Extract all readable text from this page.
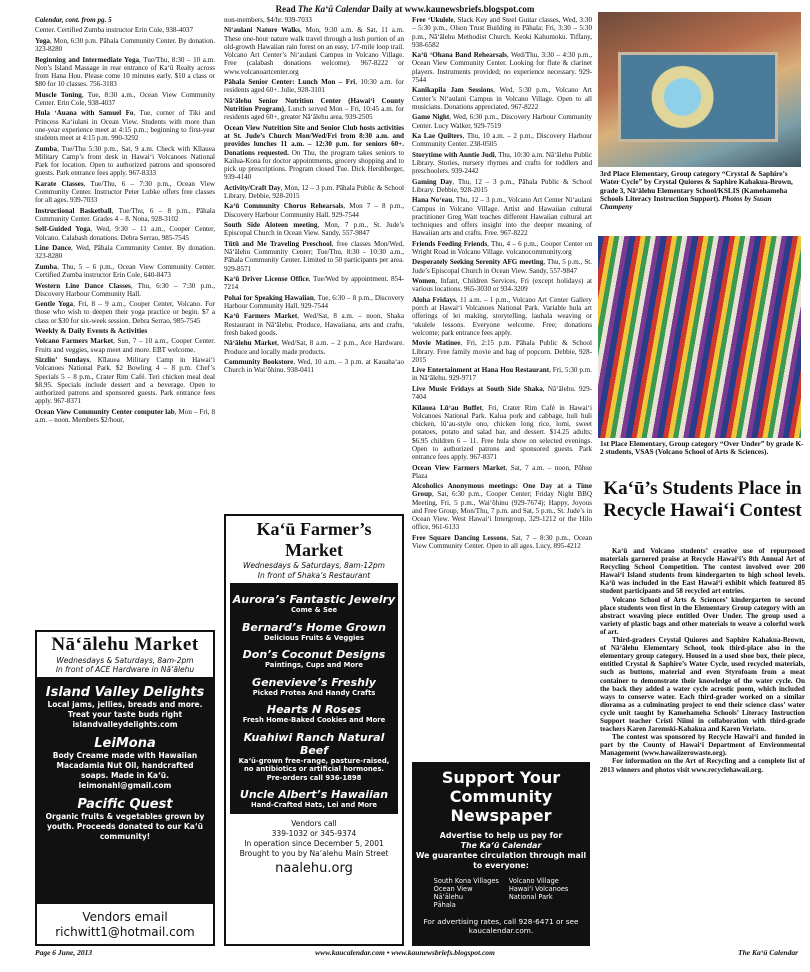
Read The Ka‘ū Calendar Daily at www.kaunewsbriefs.blogspot.com

Calendar, cont. from pg. 5

Center. Certified Zumba instructor Erin Cole, 938-4037

Yoga, Mon, 6:30 p.m. Pāhala Community Center. By donation. 323-8280

Beginning and Intermediate Yoga, Tue/Thu, 8:30 – 10 a.m. Non’s Island Massage in rear entrance of Ka‘ū Realty across from Hana Hou. Please come 10 minutes early. $10 a class or $80 for 10 classes. 756-3183

Muscle Toning, Tue, 8:30 a.m., Ocean View Community Center. Erin Cole, 938-4037

Hula ‘Auana with Samuel Fo, Tue, corner of Tiki and Princess Ka‘iulani in Ocean View. Students with more than one-year experience meet at 4:15 p.m.; beginning to first-year students meet at 4:15 p.m. 990-3292

Zumba, Tue/Thu 5:30 p.m., Sat, 9 a.m. Check with Kīlauea Military Camp’s front desk in Hawai‘i Volcanoes National Park for location. Open to authorized patrons and sponsored guests. Park entrance fees apply. 967-8333

Karate Classes, Tue/Thu, 6 – 7:30 p.m., Ocean View Community Center. Instructor Peter Lubke offers free classes for all ages. 939-7033

Instructional Basketball, Tue/Thu, 6 – 8 p.m., Pāhala Community Center. Grades 4 – 8. Nona, 928-3102

Self-Guided Yoga, Wed, 9:30 – 11 a.m., Cooper Center, Volcano. Calabash donations. Debra Serrao, 985-7545

Line Dance, Wed, Pāhala Community Center. By donation. 323-8280

Zumba, Thu, 5 – 6 p.m., Ocean View Community Center. Certified Zumba instructor Erin Cole, 640-8473

Western Line Dance Classes, Thu, 6:30 – 7:30 p.m., Discovery Harbour Community Hall.

Gentle Yoga, Fri, 8 – 9 a.m., Cooper Center, Volcano. For those who wish to deepen their yoga practice or begin. $7 a class or $30 for six-week session. Debra Serrao, 985-7545

Weekly & Daily Events & Activities

Volcano Farmers Market, Sun, 7 – 10 a.m., Cooper Center. Fruits and veggies, swap meet and more. EBT welcome.

Sizzlin’ Sundays, Kīlauea Military Camp in Hawai‘i Volcanoes National Park. $2 Bowling 4 – 8 p.m. Chef’s Specials 5 – 8 p.m., Crater Rim Café. Teri chicken meal deal $8.95. Specials include dessert and a beverage. Open to authorized patrons and sponsored guests. Park entrance fees apply. 967-8371

Ocean View Community Center computer lab, Mon – Fri, 8 a.m. – noon. Members $2/hour,

non-members, $4/hr. 939-7033

Ni‘aulani Nature Walks, Mon, 9:30 a.m. & Sat, 11 a.m. These one-hour nature walk travel through a lush portion of an old-growth Hawaiian rain forest on an easy, 1/7-mile loop trail. Volcano Art Center’s Ni‘aulani Campus in Volcano Village. Free (calabash donations welcome). 967-8222 or www.volcanoartcenter.org

Pāhala Senior Center: Lunch Mon – Fri, 10:30 a.m. for residents aged 60+. Julie, 928-3101

Nā‘ālehu Senior Nutrition Center (Hawai‘i County Nutrition Program), Lunch served Mon – Fri, 10:45 a.m. for residents aged 60+, greater Nā‘ālehu area. 939-2505

Ocean View Nutrition Site and Senior Club hosts activities at St. Jude’s Church Mon/Wed/Fri from 8:30 a.m. and provides lunches 11 a.m. – 12:30 p.m. for seniors 60+. Donations requested. On Thu, the program takes seniors to Kailua-Kona for doctor appointments, grocery shopping and to pick up prescriptions. Program closed Tue. Dick Hershberger, 939-4140

Activity/Craft Day, Mon, 12 – 3 p.m. Pāhala Public & School Library. Debbie, 928-2015

Ka‘ū Community Chorus Rehearsals, Mon 7 – 8 p.m., Discovery Harbour Community Hall. 929-7544

South Side Aloteen meeting, Mon, 7 p.m., St. Jude’s Episcopal Church in Ocean View. Sandy, 557-9847

Tūtū and Me Traveling Preschool, free classes Mon/Wed, Nā‘ālehu Community Center; Tue/Thu, 8:30 - 10:30 a.m., Pāhala Community Center. Limited to 50 participants per area. 929-8571

Ka‘ū Driver License Office, Tue/Wed by appointment. 854-7214

Pohai for Speaking Hawaiian, Tue, 6:30 – 8 p.m., Discovery Harbour Community Hall. 929-7544

Ka‘ū Farmers Market, Wed/Sat, 8 a.m. – noon, Shaka Restaurant in Nā‘ālehu. Produce, Hawaiiana, arts and crafts, fresh baked goods.

Nā‘ālehu Market, Wed/Sat, 8 a.m. – 2 p.m., Ace Hardware. Produce and locally made products.

Community Bookstore, Wed, 10 a.m. – 3 p.m. at Kauaha‘ao Church in Wai‘ōhinu. 938-0411

Free ‘Ukulele, Slack Key and Steel Guitar classes, Wed, 3:30 – 5:30 p.m., Olson Trust Building in Pāhala; Fri, 3:30 – 5:30 p.m., Nā‘ālehu Methodist Church. Keoki Kahumoku. Tiffany, 938-6582

Ka‘ū ‘Ohana Band Rehearsals, Wed/Thu, 3:30 – 4:30 p.m., Ocean View Community Center. Looking for flute & clarinet players. Instruments provided; no experience necessary. 929-7544

Kanikapila Jam Sessions, Wed, 5:30 p.m., Volcano Art Center’s Ni‘aulani Campus in Volcano Village. Open to all musicians. Donations appreciated. 967-8222

Game Night, Wed, 6:30 p.m., Discovery Harbour Community Center. Lucy Walker, 929-7519

Ka Lae Quilters, Thu, 10 a.m. – 2 p.m., Discovery Harbour Community Center. 238-0505

Storytime with Auntie Judi, Thu, 10:30 a.m. Nā‘ālehu Public Library. Stories, nursery rhymes and crafts for toddlers and preschoolers. 939-2442

Gaming Day, Thu, 12 – 3 p.m., Pāhala Public & School Library. Debbie, 928-2015

Hana No‘eau, Thu, 12 – 3 p.m., Volcano Art Center Ni‘aulani Campus in Volcano Village. Artist and Hawaiian cultural practitioner Greg Watt teaches different Hawaiian cultural art techniques and offers insight into the deeper meaning of Hawaiian arts and crafts. Free. 967-8222

Friends Feeding Friends, Thu, 4 – 6 p.m., Cooper Center on Wright Road in Volcano Village. volcanocommunity.org

Desperately Seeking Serenity AFG meeting, Thu, 5 p.m., St. Jude’s Episcopal Church in Ocean View. Sandy, 557-9847

Women, Infant, Children Services, Fri (except holidays) at various locations. 965-3030 or 934-3209

Aloha Fridays, 11 a.m. – 1 p.m., Volcano Art Center Gallery porch at Hawai‘i Volcanoes National Park. Variable hula art offerings of lei making, storytelling, lauhala weaving or ‘ukulele lessons. Everyone welcome. Free; donations welcome; park entrance fees apply.

Movie Matinee, Fri, 2:15 p.m. Pāhala Public & School Library. Free family movie and bag of popcorn. Debbie, 928-2015

Live Entertainment at Hana Hou Restaurant, Fri, 5:30 p.m. in Nā‘ālehu. 929-9717

Live Music Fridays at South Side Shaka, Nā‘ālehu. 929-7404

Kīlauea Lū‘au Buffet, Fri, Crater Rim Café in Hawai‘i Volcanoes National Park. Kalua pork and cabbage, huli huli chicken, lū‘au-style ono, chicken long rice, lomi, sweet potatoes, potato and salad bar, and dessert. $14.25 adults; $6.95 children 6 – 11. Free hula show on selected evenings. Open to authorized patrons and sponsored guests. Park entrance fees apply. 967-8371

Ocean View Farmers Market, Sat, 7 a.m. – noon, Pōhue Plaza

Alcoholics Anonymous meetings: One Day at a Time Group, Sat, 6:30 p.m., Cooper Center; Friday Night BBQ Meeting, Fri, 5 p.m., Wai‘ōhinu (929-7674); Happy, Joyous and Free Group, Mon/Thu, 7 p.m. and Sat, 5 p.m., St. Jude’s in Ocean View. West Hawai‘i Intergroup, 329-1212 or the Hilo office, 961-6133

Free Square Dancing Lessons, Sat, 7 – 8:30 p.m., Ocean View Community Center. Open to all ages. Lucy, 895-4212

Nā‘ālehu Market
Wednesdays & Saturdays, 8am-2pm
In front of ACE Hardware in Nā‘ālehu
Island Valley Delights
Local jams, jellies, breads and more. Treat your taste buds right islandvalleydelights.com
LeiMona
Body Creame made with Hawaiian Macadamia Nut Oil, handcrafted soaps. Made in Ka‘ū. leimonahl@gmail.com
Pacific Quest
Organic fruits & vegetables grown by youth. Proceeds donated to our Ka‘ū community!
Vendors email
richwitt1@hotmail.com
Ka‘ū Farmer’s Market
Wednesdays & Saturdays, 8am-12pm
In front of Shaka’s Restaurant
Aurora’s Fantastic Jewelry
Come & See
Bernard’s Home Grown
Delicious Fruits & Veggies
Don’s Coconut Designs
Paintings, Cups and More
Genevieve’s Freshly
Picked Protea And Handy Crafts
Hearts N Roses
Fresh Home-Baked Cookies and More
Kuahiwi Ranch Natural Beef
Ka‘ū-grown free-range, pasture-raised, no antibiotics or artificial hormones. Pre-orders call 936-1898
Uncle Albert’s Hawaiian
Hand-Crafted Hats, Lei and More
Vendors call
339-1032 or 345-9374
In operation since December 5, 2001
Brought to you by Na‘alehu Main Street
naalehu.org
Support Your Community Newspaper
Advertise to help us pay for
The Ka‘ū Calendar
We guarantee circulation through mail to everyone:
South Kona Villages
Ocean View
Nā‘ālehu
Pāhala
Volcano Village
Hawai‘i Volcanoes
National Park
For advertising rates, call 928-6471 or see kaucalendar.com.
3rd Place Elementary, Group category “Crystal & Saphire’s Water Cycle” by Crystal Quiores & Saphire Kahakua-Brown, grade 3, Nā‘ālehu Elementary School/KSLIS (Kamehameha Schools Literacy Instruction Support). Photos by Susan Champeny
1st Place Elementary, Group category “Over Under” by grade K-2 students, VSAS (Volcano School of Arts & Sciences).
Ka‘ū’s Students Place in Recycle Hawai‘i Contest

Ka‘ū and Volcano students’ creative use of repurposed materials garnered praise at Recycle Hawai‘i’s 8th Annual Art of Recycling School Competition. The contest involved over 200 Hawai‘i Island students from kindergarten to high school levels. Ka‘ū was included in the East Hawai‘i exhibit which featured 85 student participants and 58 recycled art entries.

Volcano School of Arts & Sciences’ kindergarten to second place students won first in the Elementary Group category with an abstract weaving piece entitled Over Under. The group used a variety of plastic bags and other materials to weave a colorful work of art.

Third-graders Crystal Quiores and Saphire Kahakua-Brown, of Nā‘ālehu Elementary School, took third-place also in the elementary group category. Housed in a used shoe box, their piece, entitled Crystal & Saphire’s Water Cycle, used recycled materials, such as buttons, material and even Styrofoam from a meat container to demonstrate their knowledge of the water cycle. On the back they added a water cycle acrostic poem, which included ways to conserve water. Each third-grader worked on a similar diorama as a culminating project to end their science class’ water cycle unit taught by Kamehameha Schools’ Literacy Instruction Support teacher Cristi Niimi in collaboration with third-grade teachers Karen Jaremski-Kahakua and Karen Veriato.

The contest was sponsored by Recycle Hawai‘i and funded in part by the County of Hawai‘i Department of Environmental Management (www.hawaiizerowaste.org).

For information on the Art of Recycling and a complete list of 2013 winners and photos visit www.recyclehawaii.org.

Page 6 June, 2013	www.kaucalendar.com • www.kaunewsbriefs.blogspot.com	The Ka‘ū Calendar
